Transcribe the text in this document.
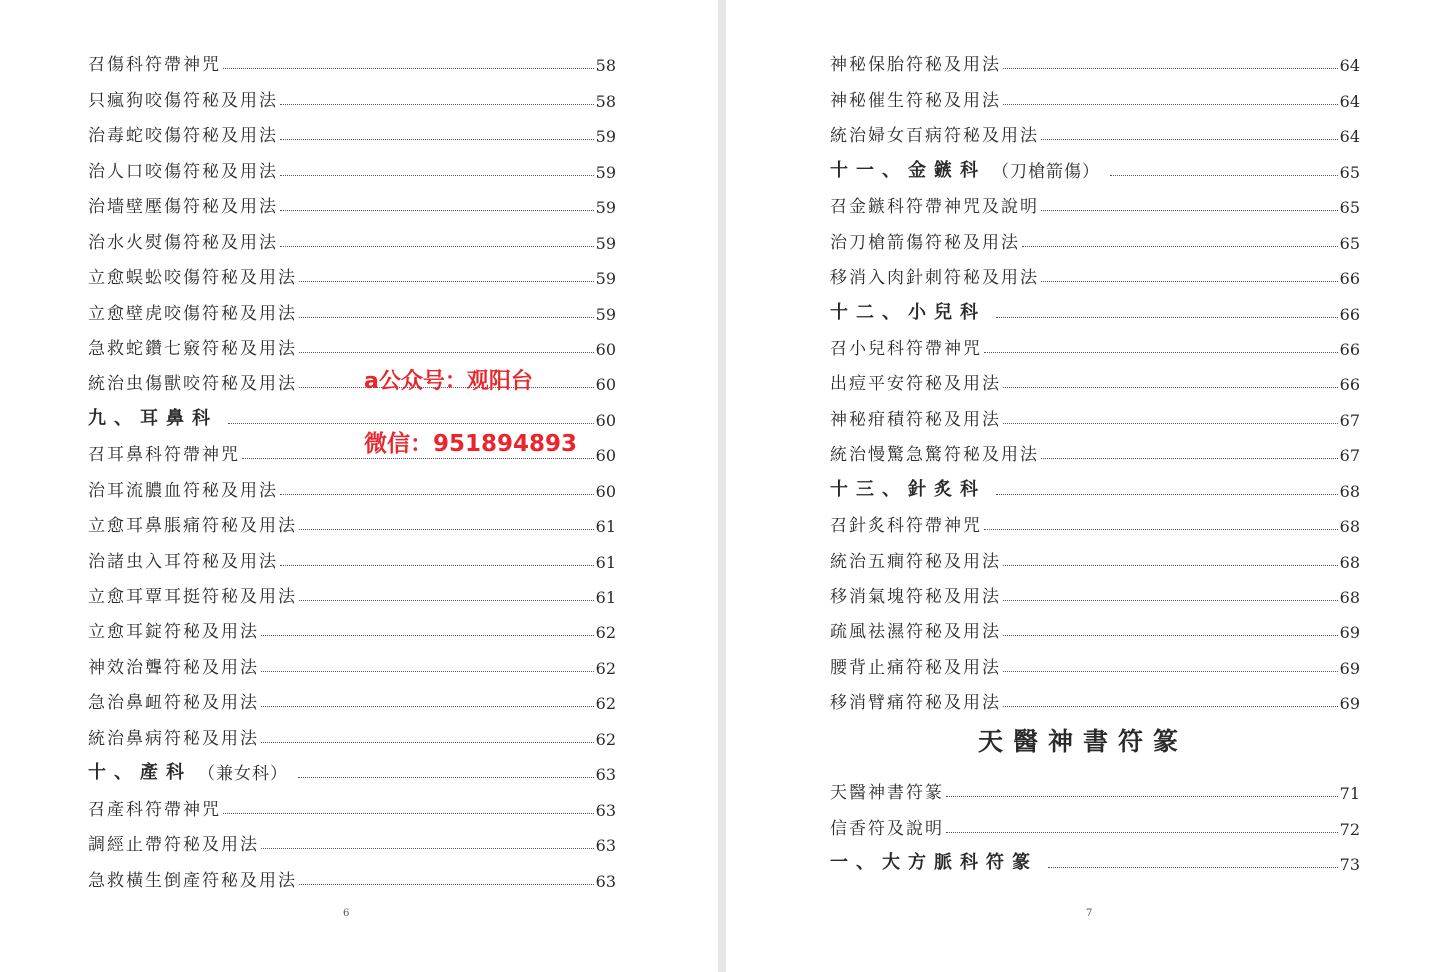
召傷科符帶神咒	58
只瘋狗咬傷符秘及用法	58
治毒蛇咬傷符秘及用法	59
治人口咬傷符秘及用法	59
治墻壁壓傷符秘及用法	59
治水火熨傷符秘及用法	59
立愈蜈蚣咬傷符秘及用法	59
立愈壁虎咬傷符秘及用法	59
急救蛇鑽七竅符秘及用法	60
統治虫傷獸咬符秘及用法	60
九、耳鼻科	60
召耳鼻科符帶神咒	60
治耳流膿血符秘及用法	60
立愈耳鼻脹痛符秘及用法	61
治諸虫入耳符秘及用法	61
立愈耳覃耳挺符秘及用法	61
立愈耳錠符秘及用法	62
神效治聾符秘及用法	62
急治鼻衄符秘及用法	62
統治鼻病符秘及用法	62
十、產科 （兼女科）	63
召產科符帶神咒	63
調經止帶符秘及用法	63
急救橫生倒產符秘及用法	63
6
神秘保胎符秘及用法	64
神秘催生符秘及用法	64
統治婦女百病符秘及用法	64
十一、金鏃科 （刀槍箭傷）	65
召金鏃科符帶神咒及說明	65
治刀槍箭傷符秘及用法	65
移消入肉針刺符秘及用法	66
十二、小兒科	66
召小兒科符帶神咒	66
出痘平安符秘及用法	66
神秘疳積符秘及用法	67
統治慢驚急驚符秘及用法	67
十三、針炙科	68
召針炙科符帶神咒	68
統治五癎符秘及用法	68
移消氣塊符秘及用法	68
疏風祛濕符秘及用法	69
腰背止痛符秘及用法	69
移消臂痛符秘及用法	69
天醫神書符篆
天醫神書符篆	71
信香符及說明	72
一、大方脈科符篆	73
7
a公众号：观阳台
微信：951894893
